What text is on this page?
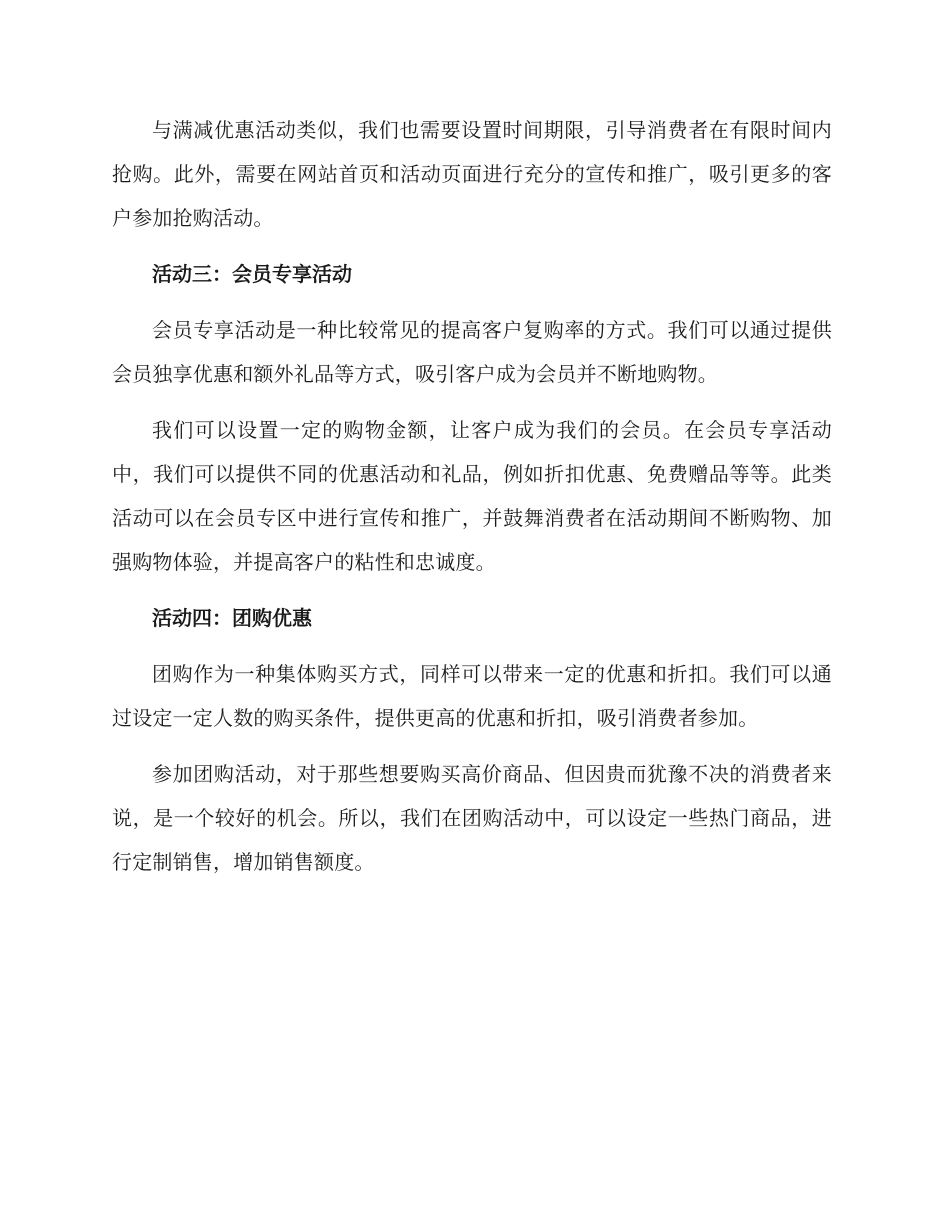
与满减优惠活动类似，我们也需要设置时间期限，引导消费者在有限时间内抢购。此外，需要在网站首页和活动页面进行充分的宣传和推广，吸引更多的客户参加抢购活动。

活动三：会员专享活动

会员专享活动是一种比较常见的提高客户复购率的方式。我们可以通过提供会员独享优惠和额外礼品等方式，吸引客户成为会员并不断地购物。

我们可以设置一定的购物金额，让客户成为我们的会员。在会员专享活动中，我们可以提供不同的优惠活动和礼品，例如折扣优惠、免费赠品等等。此类活动可以在会员专区中进行宣传和推广，并鼓舞消费者在活动期间不断购物、加强购物体验，并提高客户的粘性和忠诚度。

活动四：团购优惠

团购作为一种集体购买方式，同样可以带来一定的优惠和折扣。我们可以通过设定一定人数的购买条件，提供更高的优惠和折扣，吸引消费者参加。

参加团购活动，对于那些想要购买高价商品、但因贵而犹豫不决的消费者来说，是一个较好的机会。所以，我们在团购活动中，可以设定一些热门商品，进行定制销售，增加销售额度。
